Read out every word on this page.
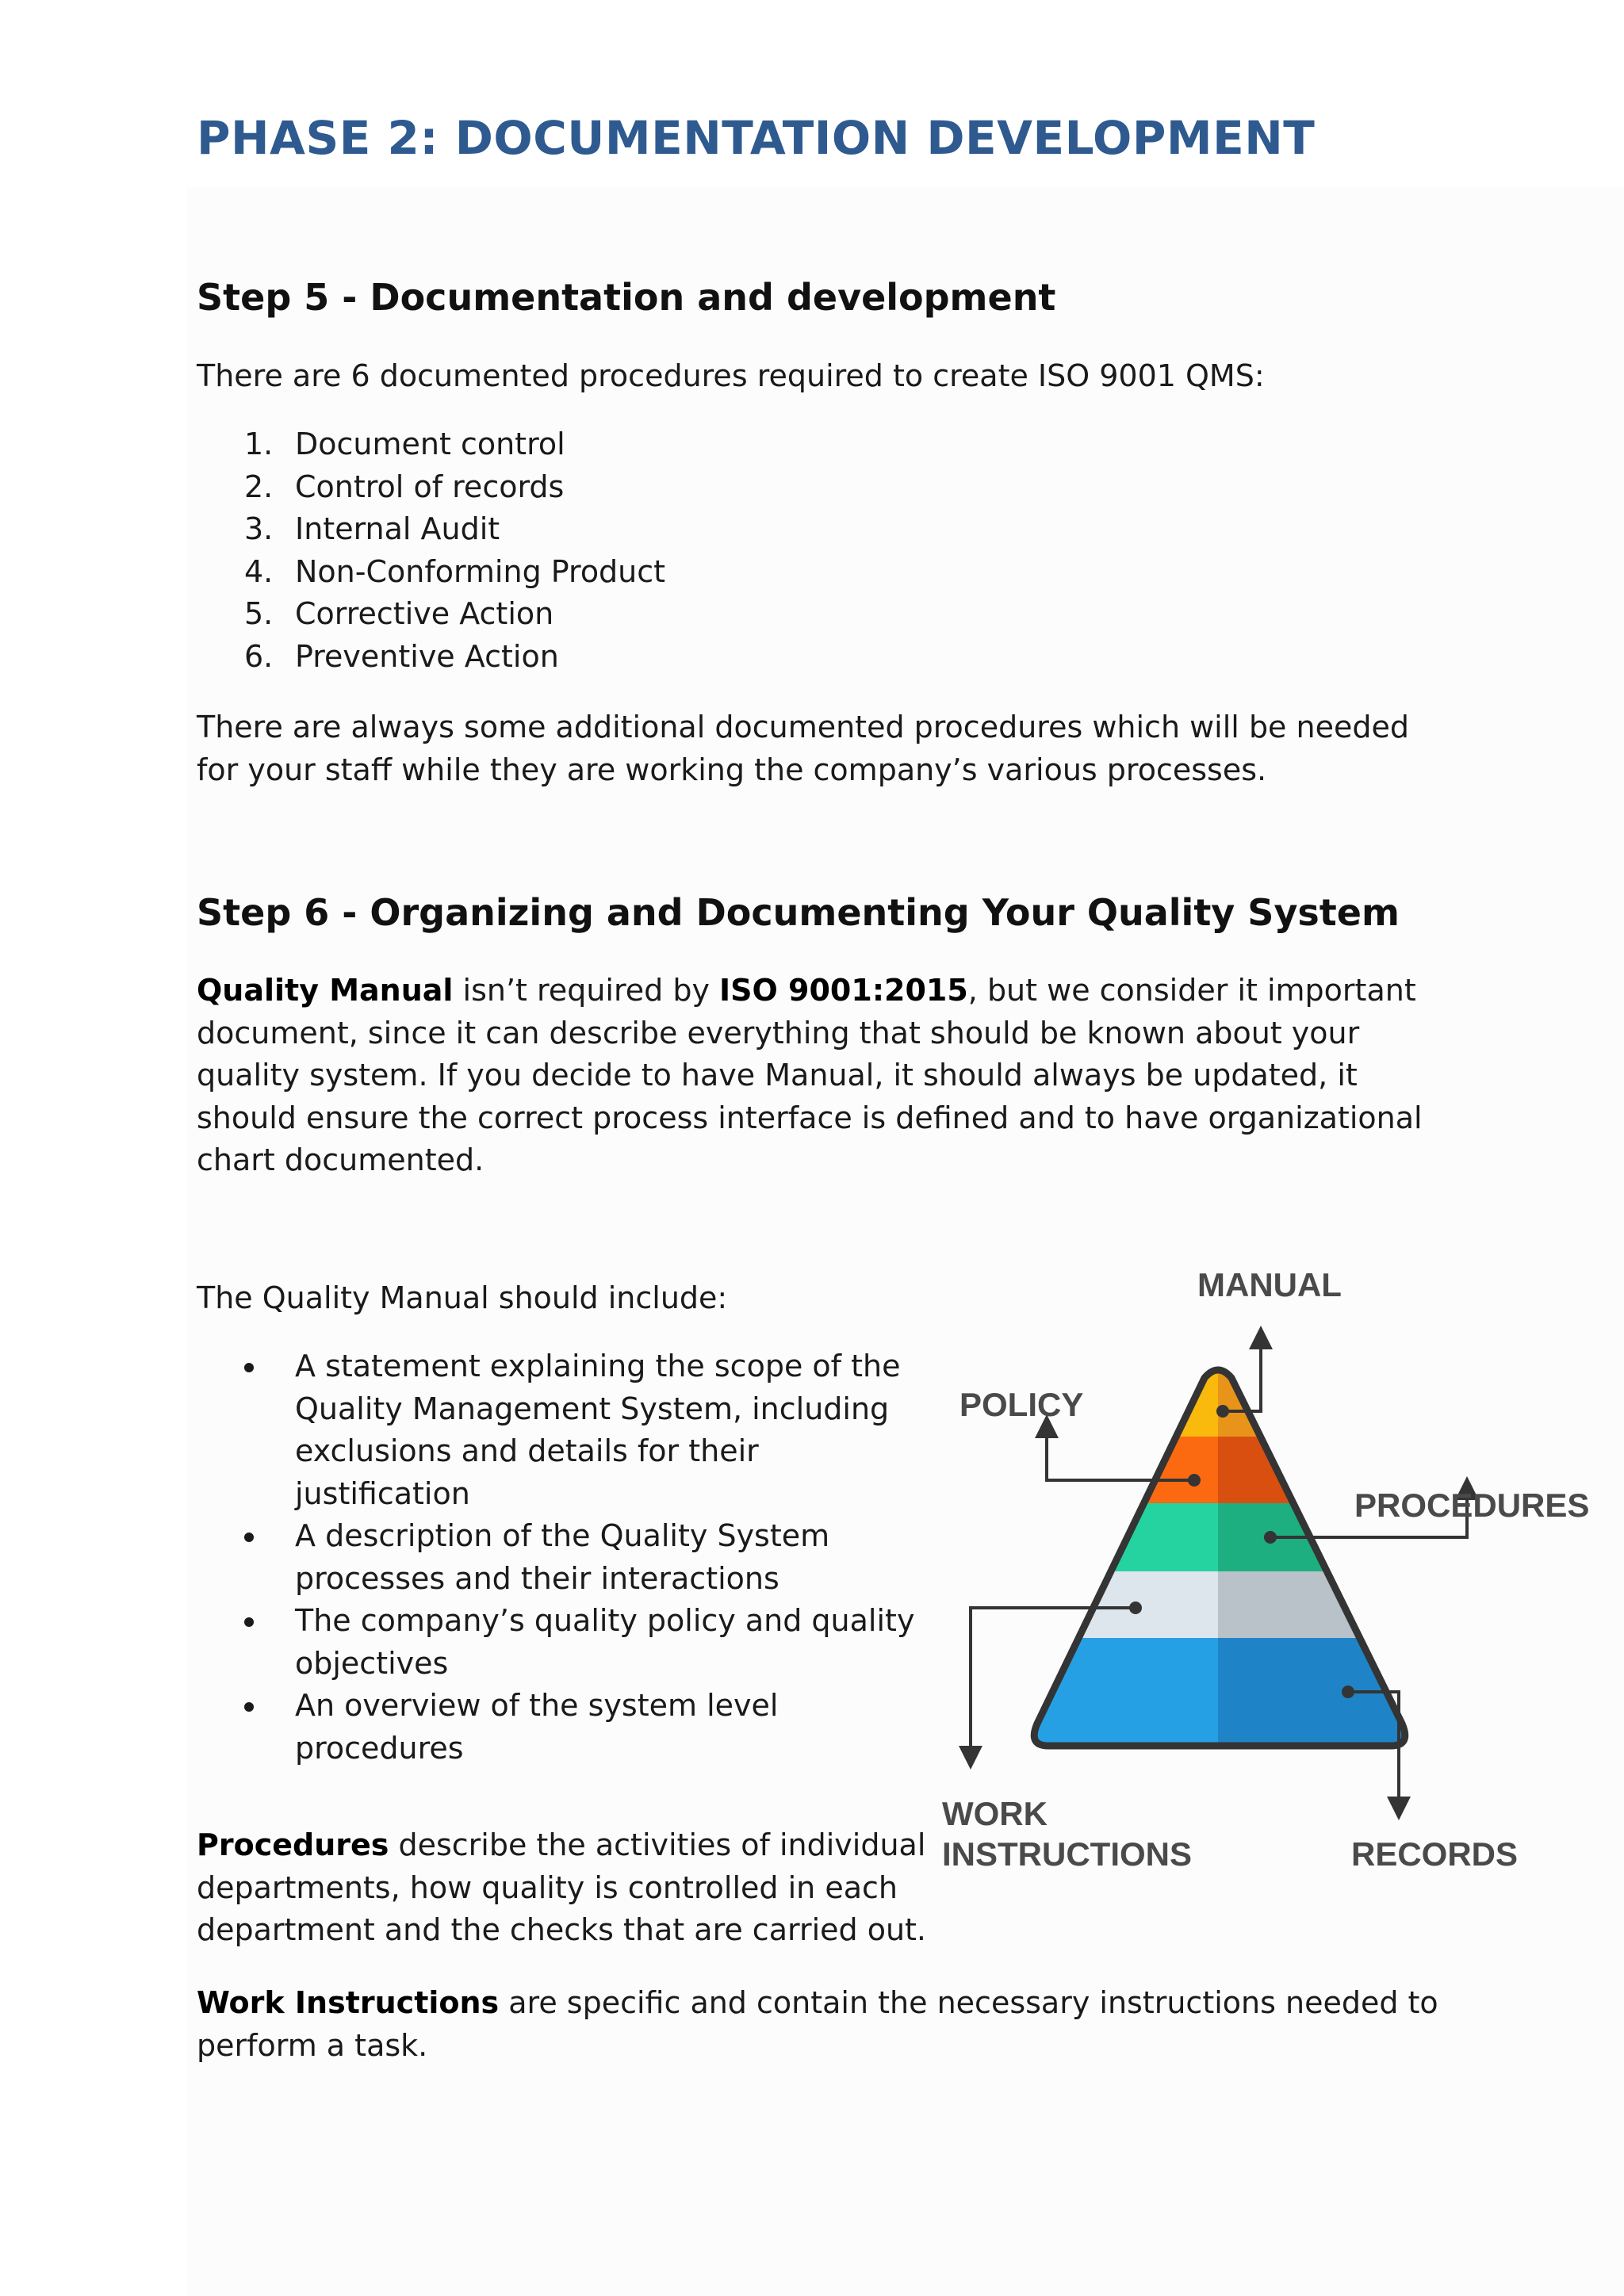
PHASE 2: DOCUMENTATION DEVELOPMENT
Step 5 - Documentation and development

There are 6 documented procedures required to create ISO 9001 QMS:

1. Document control
2. Control of records
3. Internal Audit
4. Non-Conforming Product
5. Corrective Action
6. Preventive Action

There are always some additional documented procedures which will be needed for your staff while they are working the company’s various processes.

Step 6 - Organizing and Documenting Your Quality System

Quality Manual isn’t required by ISO 9001:2015, but we consider it important document, since it can describe everything that should be known about your quality system. If you decide to have Manual, it should always be updated, it should ensure the correct process interface is defined and to have organizational chart documented.

The Quality Manual should include:

A statement explaining the scope of the Quality Management System, including exclusions and details for their justification
A description of the Quality System processes and their interactions
The company’s quality policy and quality objectives
An overview of the system level procedures

Procedures describe the activities of individual departments, how quality is controlled in each department and the checks that are carried out.

Work Instructions are specific and contain the necessary instructions needed to perform a task.

MANUAL
POLICY
PROCEDURES
WORK
INSTRUCTIONS	RECORDS
